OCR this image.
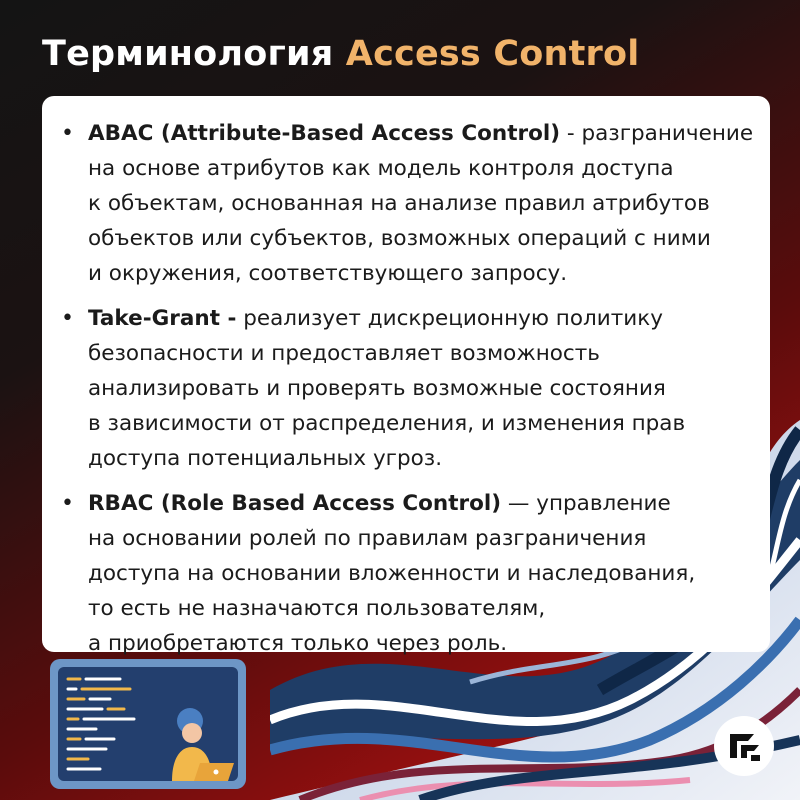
Терминология Access Control
• ABAC (Attribute-Based Access Control) - разграничение
на основе атрибутов как модель контроля доступа
к объектам, основанная на анализе правил атрибутов
объектов или субъектов, возможных операций с ними
и окружения, соответствующего запросу.
• Take-Grant - реализует дискреционную политику
безопасности и предоставляет возможность
анализировать и проверять возможные состояния
в зависимости от распределения, и изменения прав
доступа потенциальных угроз.
• RBAC (Role Based Access Control) — управление
на основании ролей по правилам разграничения
доступа на основании вложенности и наследования,
то есть не назначаются пользователям,
а приобретаются только через роль.
